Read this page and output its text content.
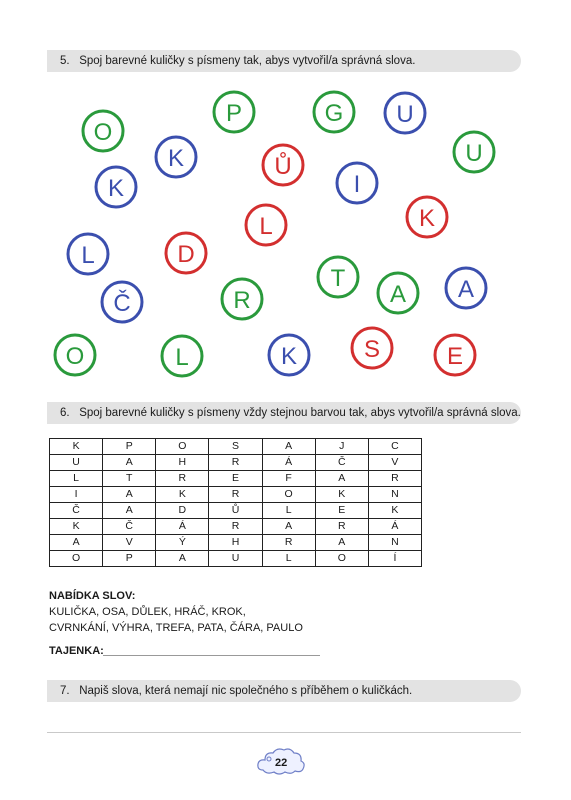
5. Spoj barevné kuličky s písmeny tak, abys vytvořil/a správná slova.
O
P	G U
K	Ů	U
K	I
L	K
L	D
T	A
Č	R	A
O	L	K	S	E
6. Spoj barevné kuličky s písmeny vždy stejnou barvou tak, abys vytvořil/a správná slova.
K	P	O	S	A	J	C
U	A	H	R	Á	Č	V
L	T	R	E	F	A	R
I	A	K	R	O	K	N
Č	A	D	Ů	L	E	K
K	Č	Á	R	A	R	Á
A	V	Ý	H	R	A	N
O	P	A	U	L	O	Í
NABÍDKA SLOV:
KULIČKA, OSA, DŮLEK, HRÁČ, KROK,
CVRNKÁNÍ, VÝHRA, TREFA, PATA, ČÁRA, PAULO
TAJENKA:
7. Napiš slova, která nemají nic společného s příběhem o kuličkách.
22
